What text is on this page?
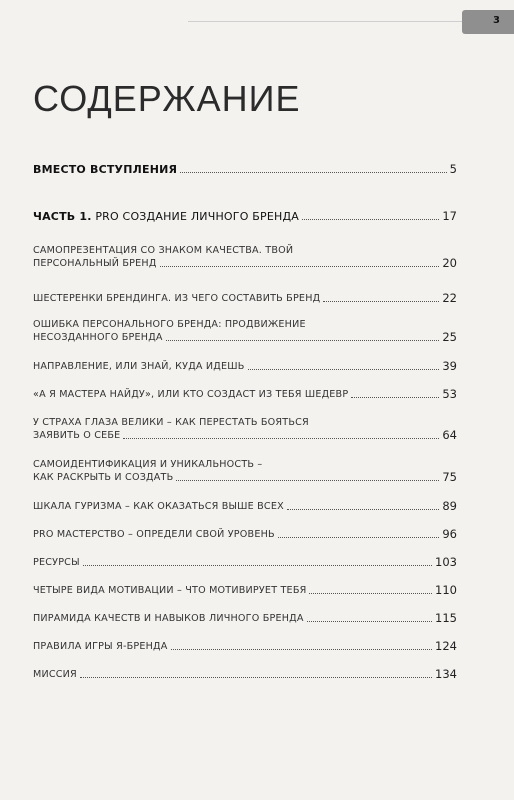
3
СОДЕРЖАНИЕ
ВМЕСТО ВСТУПЛЕНИЯ	5
ЧАСТЬ 1. PRO СОЗДАНИЕ ЛИЧНОГО БРЕНДА	17
САМОПРЕЗЕНТАЦИЯ СО ЗНАКОМ КАЧЕСТВА. ТВОЙ
ПЕРСОНАЛЬНЫЙ БРЕНД	20
ШЕСТЕРЕНКИ БРЕНДИНГА. ИЗ ЧЕГО СОСТАВИТЬ БРЕНД	22
ОШИБКА ПЕРСОНАЛЬНОГО БРЕНДА: ПРОДВИЖЕНИЕ
НЕСОЗДАННОГО БРЕНДА	25
НАПРАВЛЕНИЕ, ИЛИ ЗНАЙ, КУДА ИДЕШЬ	39
«А Я МАСТЕРА НАЙДУ», ИЛИ КТО СОЗДАСТ ИЗ ТЕБЯ ШЕДЕВР	53
У СТРАХА ГЛАЗА ВЕЛИКИ – КАК ПЕРЕСТАТЬ БОЯТЬСЯ
ЗАЯВИТЬ О СЕБЕ	64
САМОИДЕНТИФИКАЦИЯ И УНИКАЛЬНОСТЬ –
КАК РАСКРЫТЬ И СОЗДАТЬ	75
ШКАЛА ГУРИЗМА – КАК ОКАЗАТЬСЯ ВЫШЕ ВСЕХ	89
PRO МАСТЕРСТВО – ОПРЕДЕЛИ СВОЙ УРОВЕНЬ	96
РЕСУРСЫ	103
ЧЕТЫРЕ ВИДА МОТИВАЦИИ – ЧТО МОТИВИРУЕТ ТЕБЯ	110
ПИРАМИДА КАЧЕСТВ И НАВЫКОВ ЛИЧНОГО БРЕНДА	115
ПРАВИЛА ИГРЫ Я-БРЕНДА	124
МИССИЯ	134
